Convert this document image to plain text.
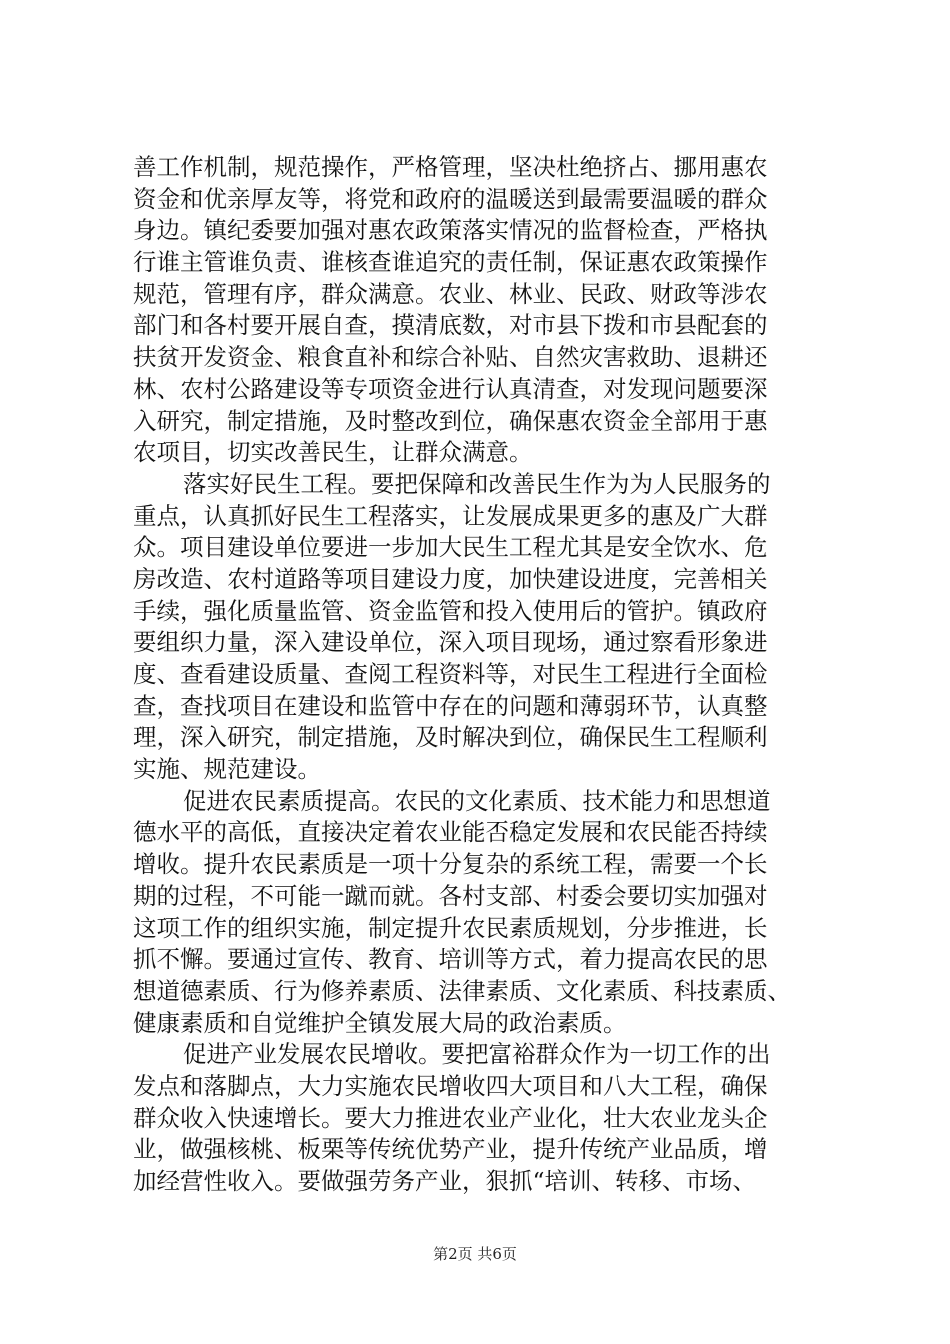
善工作机制，规范操作，严格管理，坚决杜绝挤占、挪用惠农
资金和优亲厚友等，将党和政府的温暖送到最需要温暖的群众
身边。镇纪委要加强对惠农政策落实情况的监督检查，严格执
行谁主管谁负责、谁核查谁追究的责任制，保证惠农政策操作
规范，管理有序，群众满意。农业、林业、民政、财政等涉农
部门和各村要开展自查，摸清底数，对市县下拨和市县配套的
扶贫开发资金、粮食直补和综合补贴、自然灾害救助、退耕还
林、农村公路建设等专项资金进行认真清查，对发现问题要深
入研究，制定措施，及时整改到位，确保惠农资金全部用于惠
农项目，切实改善民生，让群众满意。
落实好民生工程。要把保障和改善民生作为为人民服务的
重点，认真抓好民生工程落实，让发展成果更多的惠及广大群
众。项目建设单位要进一步加大民生工程尤其是安全饮水、危
房改造、农村道路等项目建设力度，加快建设进度，完善相关
手续，强化质量监管、资金监管和投入使用后的管护。镇政府
要组织力量，深入建设单位，深入项目现场，通过察看形象进
度、查看建设质量、查阅工程资料等，对民生工程进行全面检
查，查找项目在建设和监管中存在的问题和薄弱环节，认真整
理，深入研究，制定措施，及时解决到位，确保民生工程顺利
实施、规范建设。
促进农民素质提高。农民的文化素质、技术能力和思想道
德水平的高低，直接决定着农业能否稳定发展和农民能否持续
增收。提升农民素质是一项十分复杂的系统工程，需要一个长
期的过程，不可能一蹴而就。各村支部、村委会要切实加强对
这项工作的组织实施，制定提升农民素质规划，分步推进，长
抓不懈。要通过宣传、教育、培训等方式，着力提高农民的思
想道德素质、行为修养素质、法律素质、文化素质、科技素质、
健康素质和自觉维护全镇发展大局的政治素质。
促进产业发展农民增收。要把富裕群众作为一切工作的出
发点和落脚点，大力实施农民增收四大项目和八大工程，确保
群众收入快速增长。要大力推进农业产业化，壮大农业龙头企
业，做强核桃、板栗等传统优势产业，提升传统产业品质，增
加经营性收入。要做强劳务产业，狠抓“培训、转移、市场、
第2页 共6页
